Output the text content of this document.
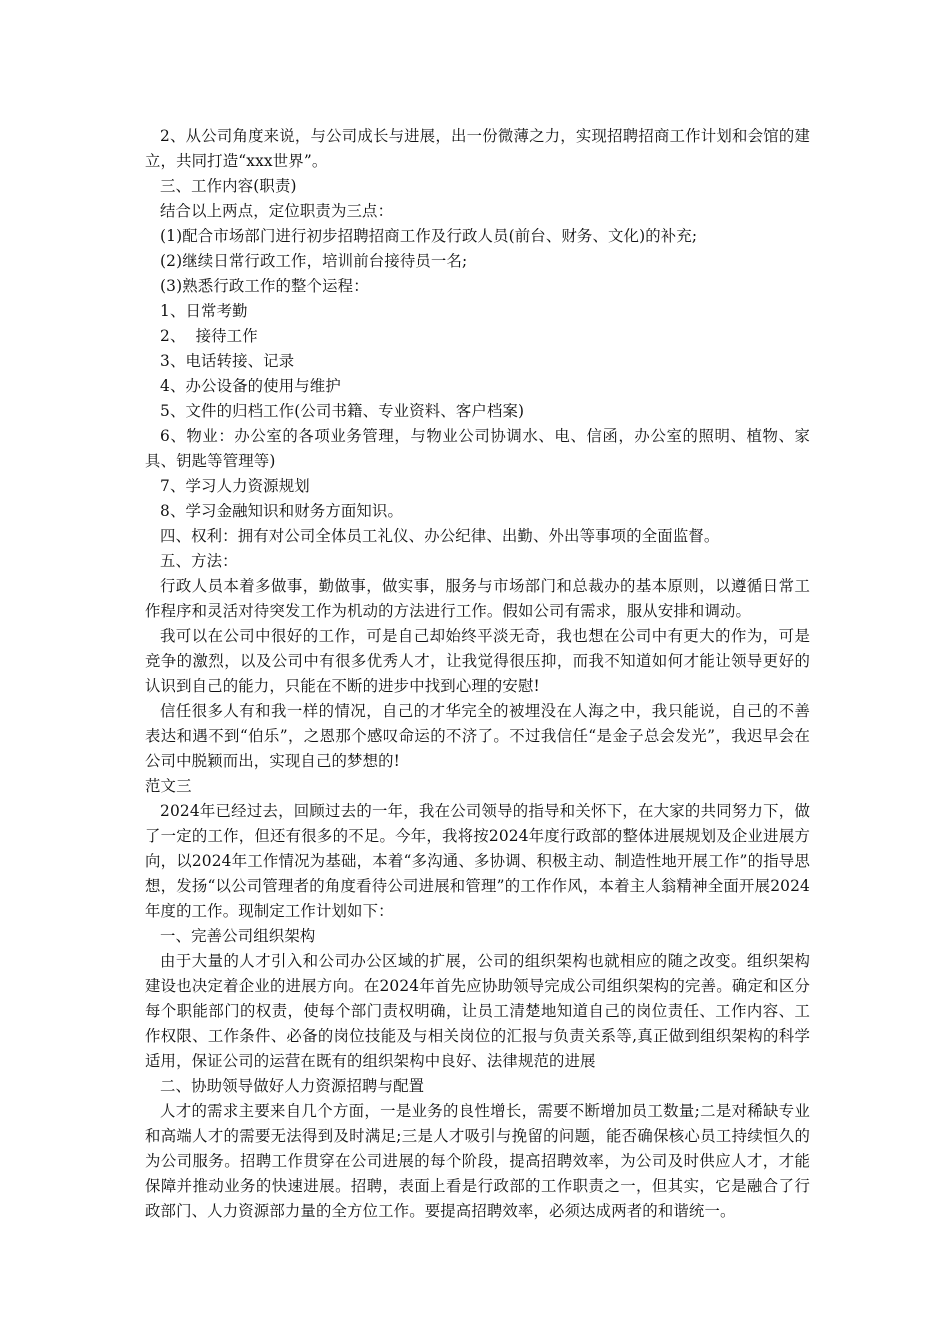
2、从公司角度来说，与公司成长与进展，出一份微薄之力，实现招聘招商工作计划和会馆的建立，共同打造“xxx世界”。

三、工作内容(职责)

结合以上两点，定位职责为三点：

(1)配合市场部门进行初步招聘招商工作及行政人员(前台、财务、文化)的补充;

(2)继续日常行政工作，培训前台接待员一名;

(3)熟悉行政工作的整个运程：

1、日常考勤

2、  接待工作

3、电话转接、记录

4、办公设备的使用与维护

5、文件的归档工作(公司书籍、专业资料、客户档案)

6、物业：办公室的各项业务管理，与物业公司协调水、电、信函，办公室的照明、植物、家具、钥匙等管理等)

7、学习人力资源规划

8、学习金融知识和财务方面知识。

四、权利：拥有对公司全体员工礼仪、办公纪律、出勤、外出等事项的全面监督。

五、方法：

行政人员本着多做事，勤做事，做实事，服务与市场部门和总裁办的基本原则，以遵循日常工作程序和灵活对待突发工作为机动的方法进行工作。假如公司有需求，服从安排和调动。

我可以在公司中很好的工作，可是自己却始终平淡无奇，我也想在公司中有更大的作为，可是竞争的激烈，以及公司中有很多优秀人才，让我觉得很压抑，而我不知道如何才能让领导更好的认识到自己的能力，只能在不断的进步中找到心理的安慰!

信任很多人有和我一样的情况，自己的才华完全的被埋没在人海之中，我只能说，自己的不善表达和遇不到“伯乐”，之恩那个感叹命运的不济了。不过我信任“是金子总会发光”，我迟早会在公司中脱颖而出，实现自己的梦想的!

范文三

2024年已经过去，回顾过去的一年，我在公司领导的指导和关怀下，在大家的共同努力下，做了一定的工作，但还有很多的不足。今年，我将按2024年度行政部的整体进展规划及企业进展方向，以2024年工作情况为基础，本着“多沟通、多协调、积极主动、制造性地开展工作”的指导思想，发扬“以公司管理者的角度看待公司进展和管理”的工作作风，本着主人翁精神全面开展2024年度的工作。现制定工作计划如下：

一、完善公司组织架构

由于大量的人才引入和公司办公区域的扩展，公司的组织架构也就相应的随之改变。组织架构建设也决定着企业的进展方向。在2024年首先应协助领导完成公司组织架构的完善。确定和区分每个职能部门的权责，使每个部门责权明确，让员工清楚地知道自己的岗位责任、工作内容、工作权限、工作条件、必备的岗位技能及与相关岗位的汇报与负责关系等,真正做到组织架构的科学适用，保证公司的运营在既有的组织架构中良好、法律规范的进展

二、协助领导做好人力资源招聘与配置

人才的需求主要来自几个方面，一是业务的良性增长，需要不断增加员工数量;二是对稀缺专业和高端人才的需要无法得到及时满足;三是人才吸引与挽留的问题，能否确保核心员工持续恒久的为公司服务。招聘工作贯穿在公司进展的每个阶段，提高招聘效率，为公司及时供应人才，才能保障并推动业务的快速进展。招聘，表面上看是行政部的工作职责之一，但其实，它是融合了行政部门、人力资源部力量的全方位工作。要提高招聘效率，必须达成两者的和谐统一。
